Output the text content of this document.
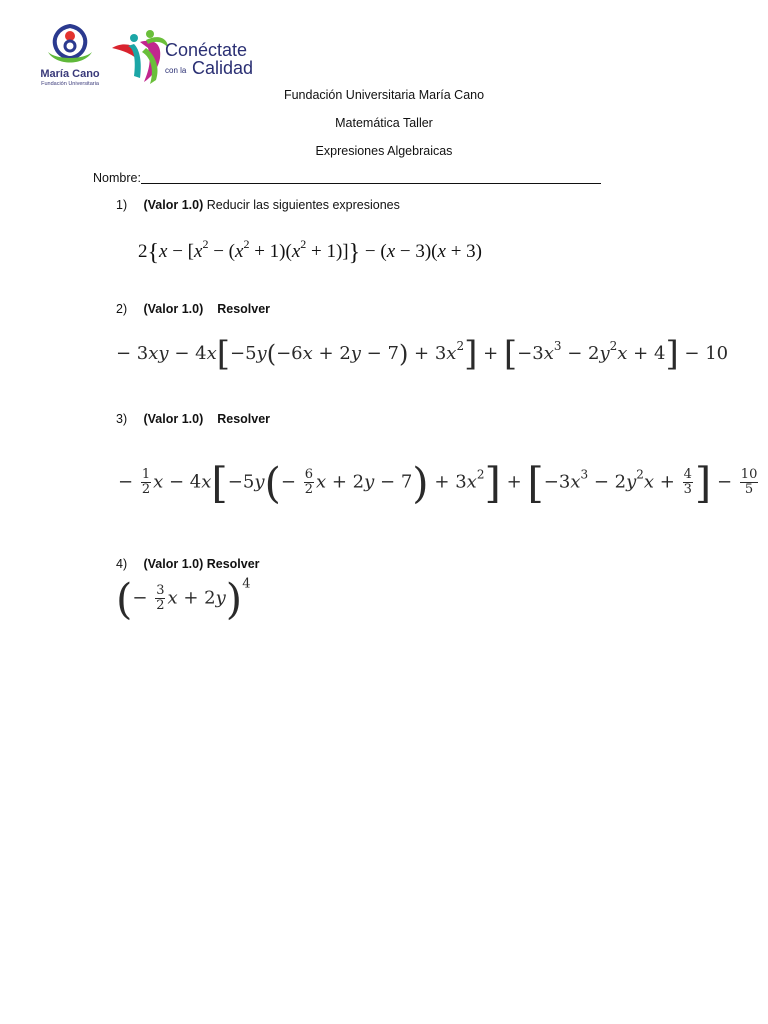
María Cano
Fundación Universitaria
Conéctate
con la Calidad
Fundación Universitaria María Cano
Matemática Taller
Expresiones Algebraicas
Nombre:
1) (Valor 1.0) Reducir las siguientes expresiones
$2\{x - [x^2 - (x^2 + 1)(x^2 + 1)]\} - (x - 3)(x + 3)$
2) (Valor 1.0) Resolver
− $3xy - 4x[-5y(-6x + 2y - 7) + 3x^2] + [-3x^3 - 2y^2x + 4] - 10$
3) (Valor 1.0) Resolver
− $\frac{1}{2}$ $x - 4x[-5y(- \frac{6}{2}$ $x + 2y - 7) + 3x^2] + [-3x^3 - 2y^2x + \frac{4}{3}$ ] − $\frac{10}{5}$
4) (Valor 1.0) Resolver
(− $\frac{3}{2}$ x + 2y)$^4$
